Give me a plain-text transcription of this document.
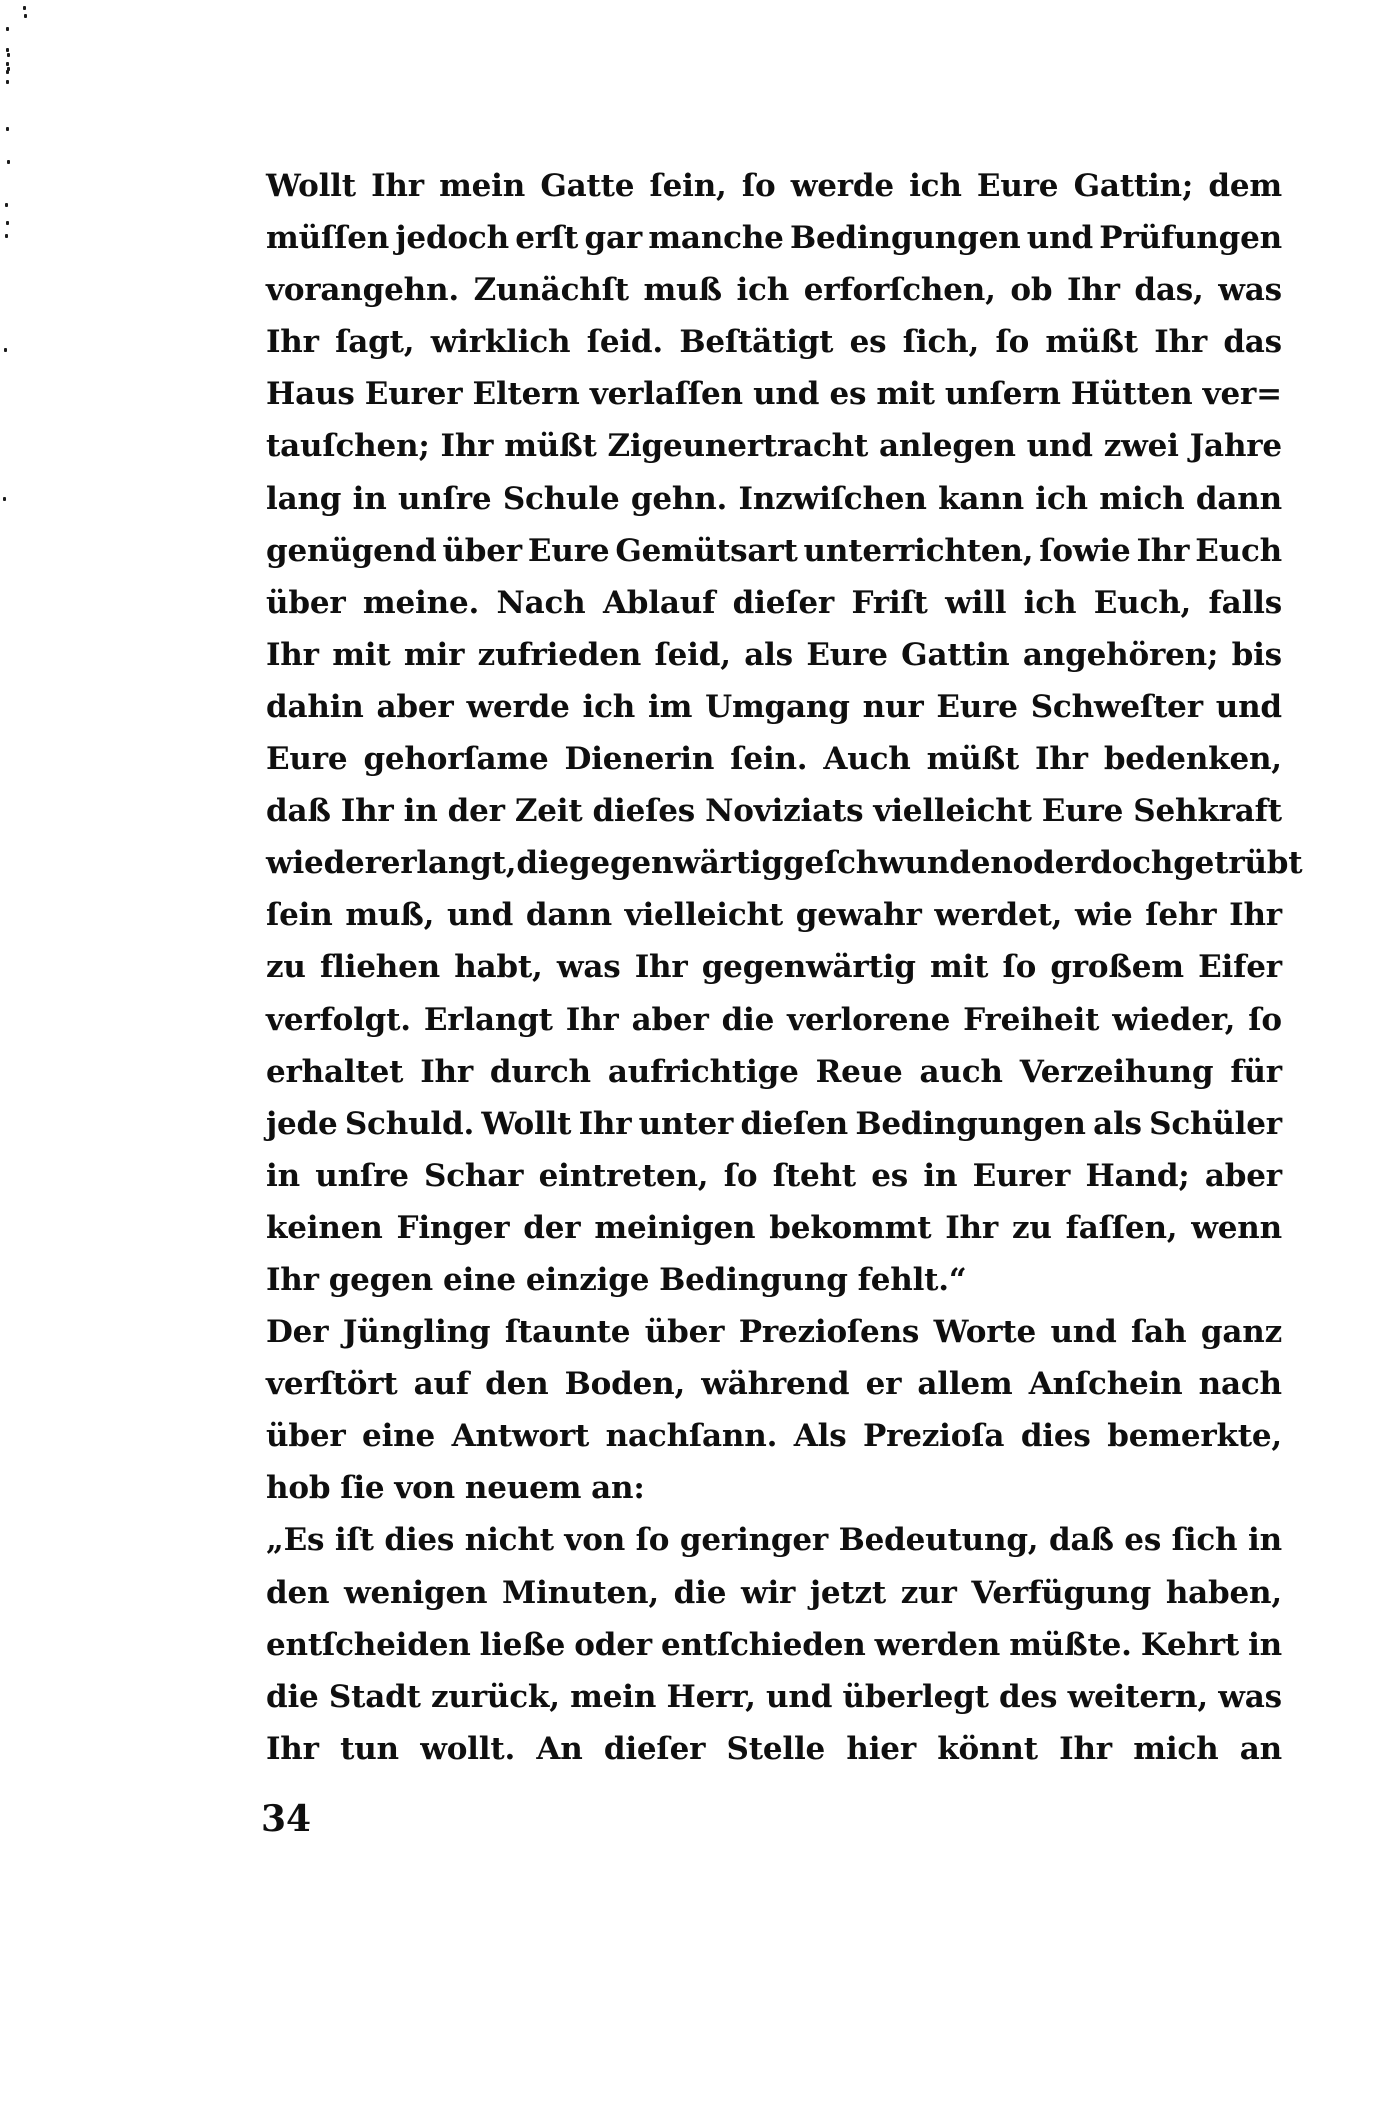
Wollt Ihr mein Gatte ſein, ſo werde ich Eure Gattin; dem
müſſen jedoch erſt gar manche Bedingungen und Prüfungen
vorangehn. Zunächſt muß ich erforſchen, ob Ihr das, was
Ihr ſagt, wirklich ſeid. Beſtätigt es ſich, ſo müßt Ihr das
Haus Eurer Eltern verlaſſen und es mit unſern Hütten ver=
tauſchen; Ihr müßt Zigeunertracht anlegen und zwei Jahre
lang in unſre Schule gehn. Inzwiſchen kann ich mich dann
genügend über Eure Gemütsart unterrichten, ſowie Ihr Euch
über meine. Nach Ablauf dieſer Friſt will ich Euch, falls
Ihr mit mir zufrieden ſeid, als Eure Gattin angehören; bis
dahin aber werde ich im Umgang nur Eure Schweſter und
Eure gehorſame Dienerin ſein. Auch müßt Ihr bedenken,
daß Ihr in der Zeit dieſes Noviziats vielleicht Eure Sehkraft
wiedererlangt, die gegenwärtig geſchwunden oder doch getrübt
ſein muß, und dann vielleicht gewahr werdet, wie ſehr Ihr
zu fliehen habt, was Ihr gegenwärtig mit ſo großem Eifer
verfolgt. Erlangt Ihr aber die verlorene Freiheit wieder, ſo
erhaltet Ihr durch aufrichtige Reue auch Verzeihung für
jede Schuld. Wollt Ihr unter dieſen Bedingungen als Schüler
in unſre Schar eintreten, ſo ſteht es in Eurer Hand; aber
keinen Finger der meinigen bekommt Ihr zu faſſen, wenn
Ihr gegen eine einzige Bedingung fehlt.“
Der Jüngling ſtaunte über Prezioſens Worte und ſah ganz
verſtört auf den Boden, während er allem Anſchein nach
über eine Antwort nachſann. Als Prezioſa dies bemerkte,
hob ſie von neuem an:
„Es iſt dies nicht von ſo geringer Bedeutung, daß es ſich in
den wenigen Minuten, die wir jetzt zur Verfügung haben,
entſcheiden ließe oder entſchieden werden müßte. Kehrt in
die Stadt zurück, mein Herr, und überlegt des weitern, was
Ihr tun wollt. An dieſer Stelle hier könnt Ihr mich an
34
